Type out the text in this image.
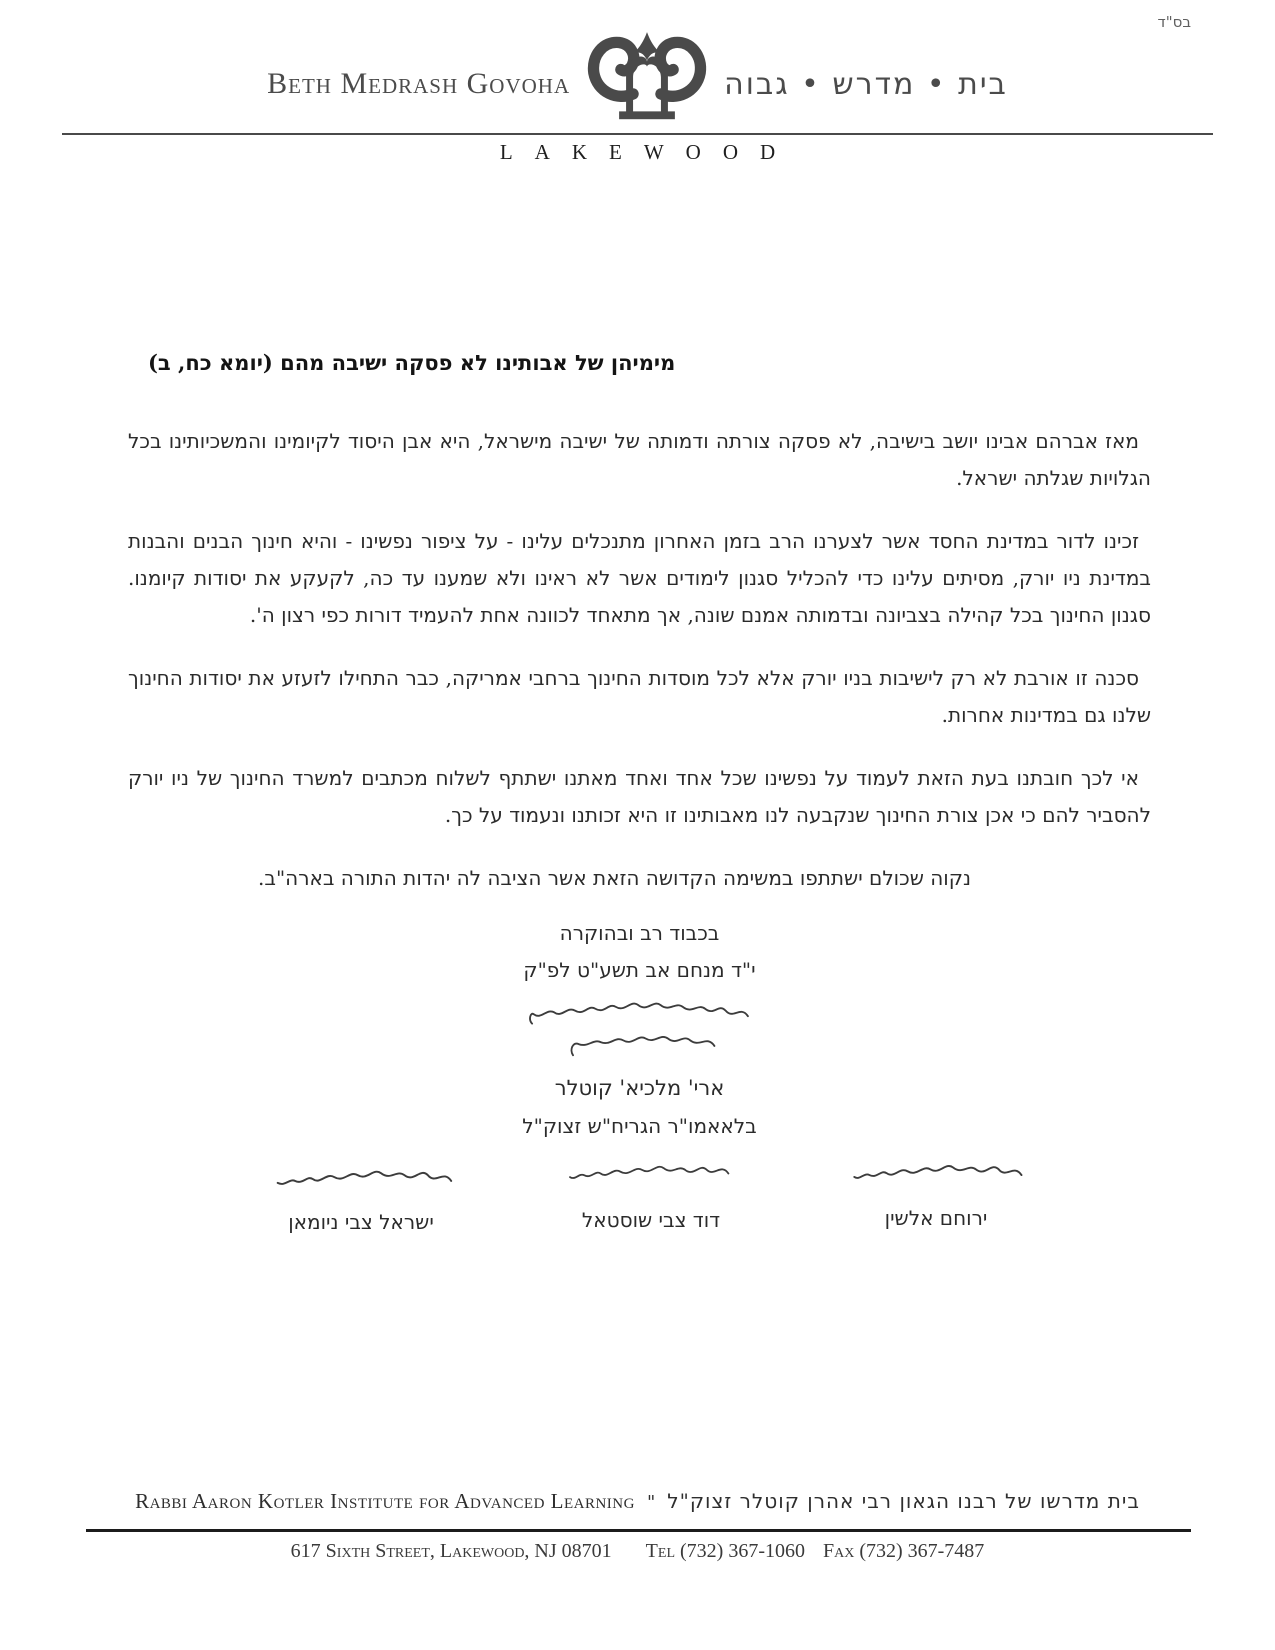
בס"ד
Beth Medrash Govoha	בית • מדרש • גבוה
LAKEWOOD
מימיהן של אבותינו לא פסקה ישיבה מהם (יומא כח, ב)

מאז אברהם אבינו יושב בישיבה, לא פסקה צורתה ודמותה של ישיבה מישראל, היא אבן היסוד לקיומינו והמשכיותינו בכל הגלויות שגלתה ישראל.

זכינו לדור במדינת החסד אשר לצערנו הרב בזמן האחרון מתנכלים עלינו - על ציפור נפשינו - והיא חינוך הבנים והבנות במדינת ניו יורק, מסיתים עלינו כדי להכליל סגנון לימודים אשר לא ראינו ולא שמענו עד כה, לקעקע את יסודות קיומנו. סגנון החינוך בכל קהילה בצביונה ובדמותה אמנם שונה, אך מתאחד לכוונה אחת להעמיד דורות כפי רצון ה'.

סכנה זו אורבת לא רק לישיבות בניו יורק אלא לכל מוסדות החינוך ברחבי אמריקה, כבר התחילו לזעזע את יסודות החינוך שלנו גם במדינות אחרות.

אי לכך חובתנו בעת הזאת לעמוד על נפשינו שכל אחד ואחד מאתנו ישתתף לשלוח מכתבים למשרד החינוך של ניו יורק להסביר להם כי אכן צורת החינוך שנקבעה לנו מאבותינו זו היא זכותנו ונעמוד על כך.

נקוה שכולם ישתתפו במשימה הקדושה הזאת אשר הציבה לה יהדות התורה בארה"ב.

בכבוד רב ובהוקרה
י"ד מנחם אב תשע"ט לפ"ק
ארי' מלכיא' קוטלר
בלאאמו"ר הגריח"ש זצוק"ל
ירוחם אלשין
דוד צבי שוסטאל
ישראל צבי ניומאן
Rabbi Aaron Kotler Institute for Advanced Learning " בית מדרשו של רבנו הגאון רבי אהרן קוטלר זצוק"ל
617 Sixth Street, Lakewood, NJ 08701 Tel (732) 367-1060 Fax (732) 367-7487
